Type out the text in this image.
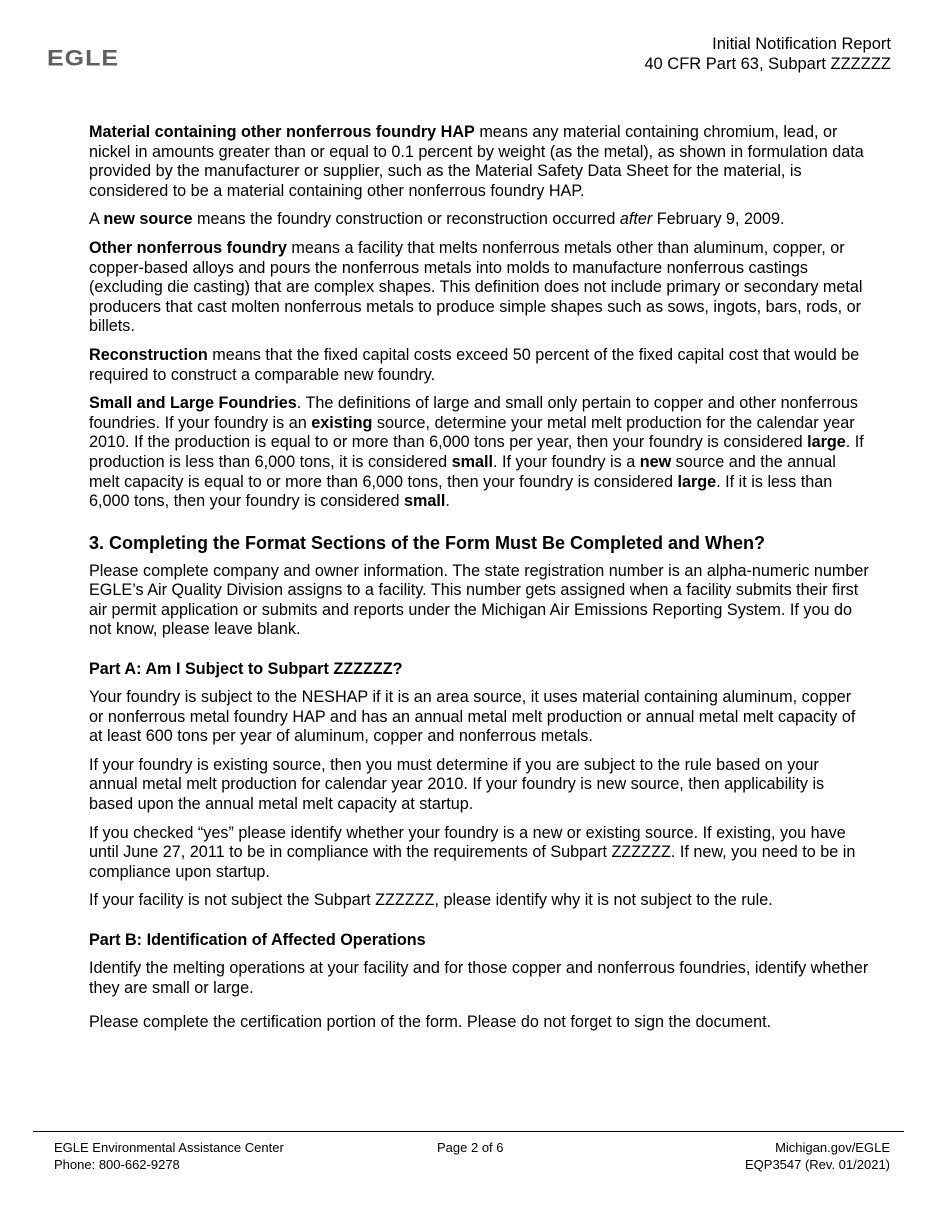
EGLE
Initial Notification Report
40 CFR Part 63, Subpart ZZZZZZ

Material containing other nonferrous foundry HAP means any material containing chromium, lead, or nickel in amounts greater than or equal to 0.1 percent by weight (as the metal), as shown in formulation data provided by the manufacturer or supplier, such as the Material Safety Data Sheet for the material, is considered to be a material containing other nonferrous foundry HAP.

A new source means the foundry construction or reconstruction occurred after February 9, 2009.

Other nonferrous foundry means a facility that melts nonferrous metals other than aluminum, copper, or copper-based alloys and pours the nonferrous metals into molds to manufacture nonferrous castings (excluding die casting) that are complex shapes. This definition does not include primary or secondary metal producers that cast molten nonferrous metals to produce simple shapes such as sows, ingots, bars, rods, or billets.

Reconstruction means that the fixed capital costs exceed 50 percent of the fixed capital cost that would be required to construct a comparable new foundry.

Small and Large Foundries. The definitions of large and small only pertain to copper and other nonferrous foundries. If your foundry is an existing source, determine your metal melt production for the calendar year 2010. If the production is equal to or more than 6,000 tons per year, then your foundry is considered large. If production is less than 6,000 tons, it is considered small. If your foundry is a new source and the annual melt capacity is equal to or more than 6,000 tons, then your foundry is considered large. If it is less than 6,000 tons, then your foundry is considered small.

3. Completing the Format Sections of the Form Must Be Completed and When?

Please complete company and owner information. The state registration number is an alpha-numeric number EGLE’s Air Quality Division assigns to a facility. This number gets assigned when a facility submits their first air permit application or submits and reports under the Michigan Air Emissions Reporting System. If you do not know, please leave blank.

Part A: Am I Subject to Subpart ZZZZZZ?

Your foundry is subject to the NESHAP if it is an area source, it uses material containing aluminum, copper or nonferrous metal foundry HAP and has an annual metal melt production or annual metal melt capacity of at least 600 tons per year of aluminum, copper and nonferrous metals.

If your foundry is existing source, then you must determine if you are subject to the rule based on your annual metal melt production for calendar year 2010. If your foundry is new source, then applicability is based upon the annual metal melt capacity at startup.

If you checked “yes” please identify whether your foundry is a new or existing source. If existing, you have until June 27, 2011 to be in compliance with the requirements of Subpart ZZZZZZ. If new, you need to be in compliance upon startup.

If your facility is not subject the Subpart ZZZZZZ, please identify why it is not subject to the rule.

Part B: Identification of Affected Operations

Identify the melting operations at your facility and for those copper and nonferrous foundries, identify whether they are small or large.

Please complete the certification portion of the form. Please do not forget to sign the document.

EGLE Environmental Assistance Center
Phone: 800-662-9278
Page 2 of 6	Michigan.gov/EGLE
EQP3547 (Rev. 01/2021)
